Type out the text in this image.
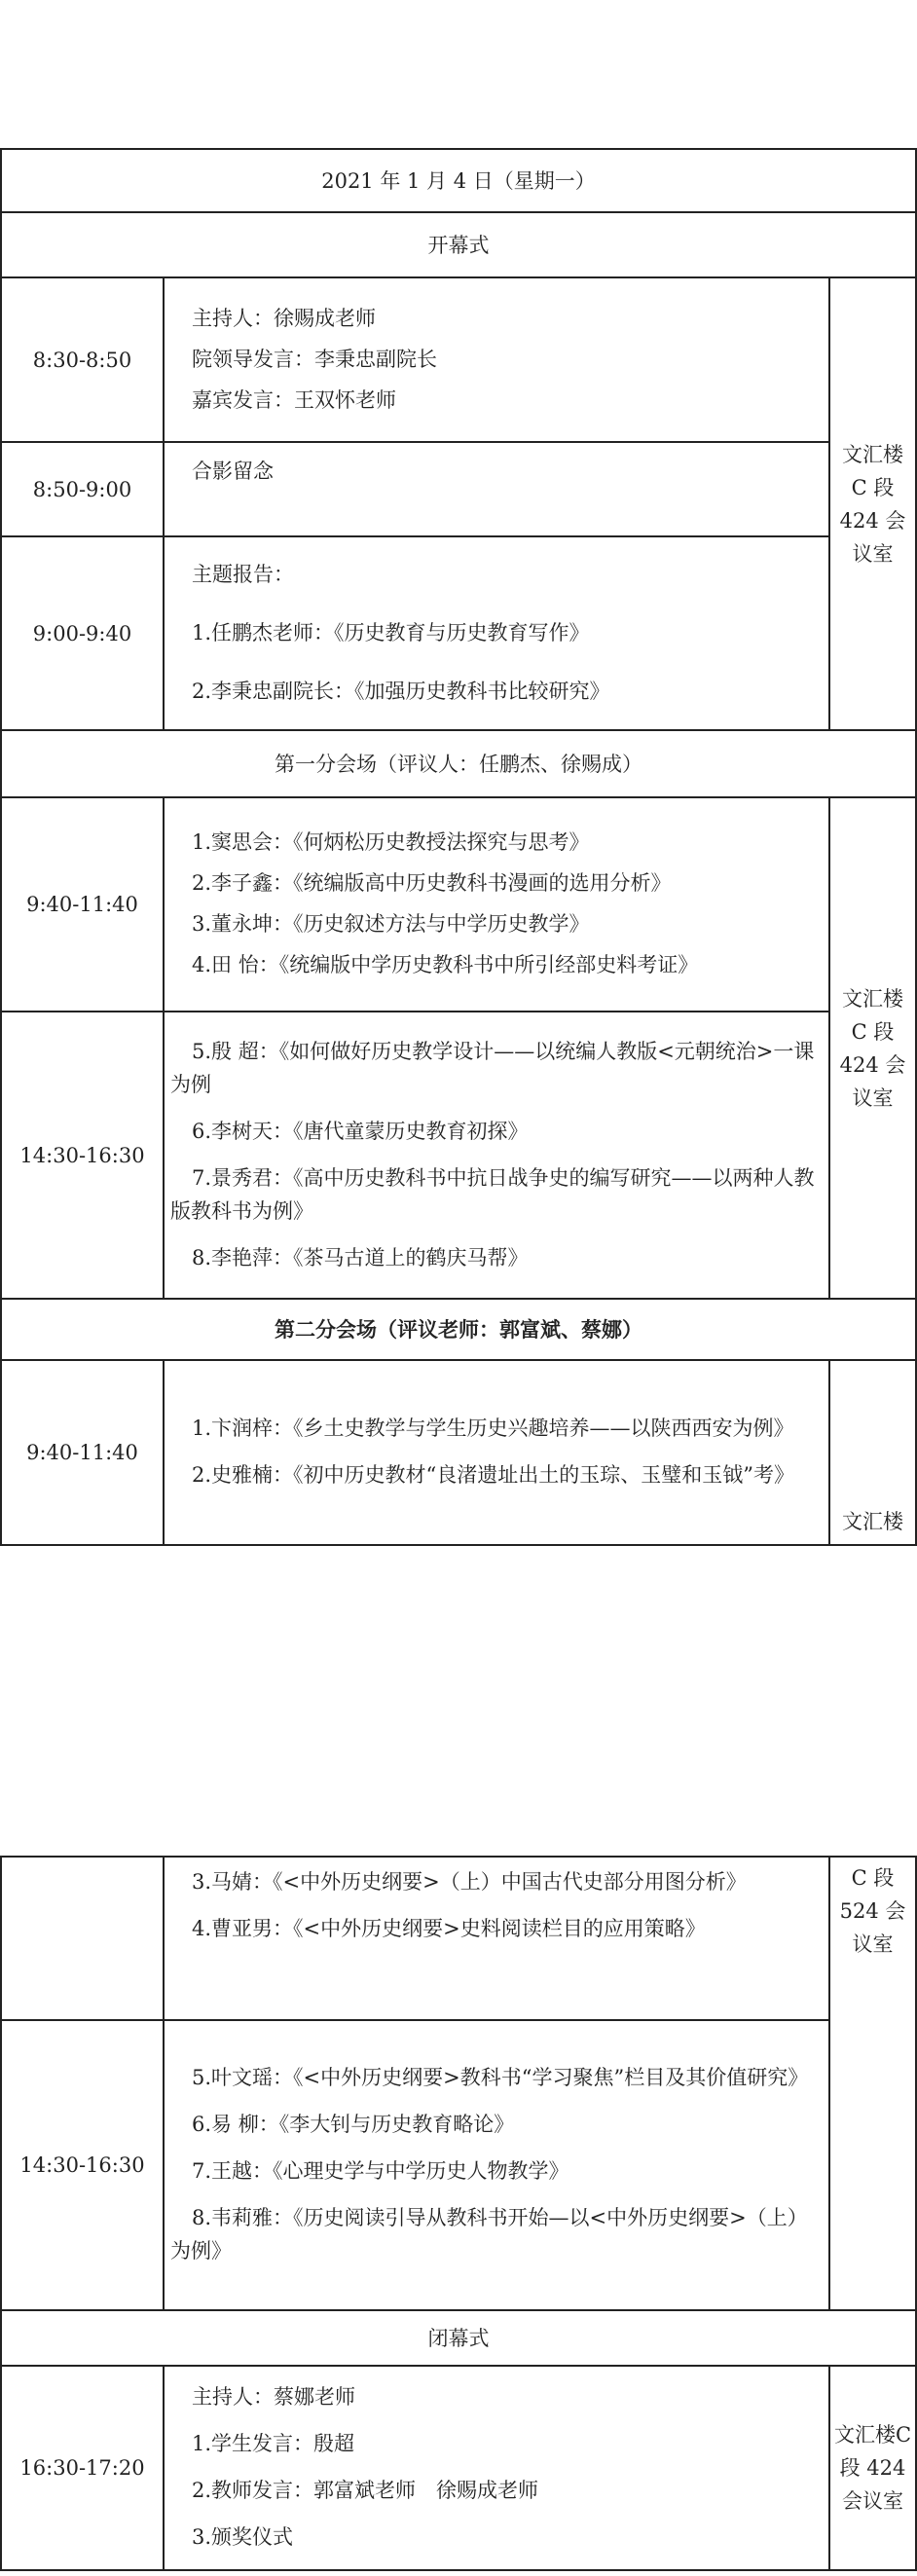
2021 年 1 月 4 日（星期一）		
开幕式		
8:30-8:50	主持人：徐赐成老师
院领导发言：李秉忠副院长
嘉宾发言：王双怀老师	文汇楼 C 段424 会议室
8:50-9:00	合影留念	

9:00-9:40	主题报告：
1.任鹏杰老师：《历史教育与历史教育写作》
2.李秉忠副院长：《加强历史教科书比较研究》	

第一分会场（评议人：任鹏杰、徐赐成）		
9:40-11:40	1.窦思会：《何炳松历史教授法探究与思考》
2.李子鑫：《统编版高中历史教科书漫画的选用分析》
3.董永坤：《历史叙述方法与中学历史教学》
4.田 怡：《统编版中学历史教科书中所引经部史料考证》	文汇楼 C 段424 会议室
14:30-16:30	5.殷 超：《如何做好历史教学设计——以统编人教版<元朝统治>一课为例
6.李树天：《唐代童蒙历史教育初探》
7.景秀君：《高中历史教科书中抗日战争史的编写研究——以两种人教版教科书为例》
8.李艳萍：《茶马古道上的鹤庆马帮》	

第二分会场（评议老师：郭富斌、蔡娜）		
9:40-11:40	1.卞润梓：《乡土史教学与学生历史兴趣培养——以陕西西安为例》
2.史雅楠：《初中历史教材“良渚遗址出土的玉琮、玉璧和玉钺”考》	文汇楼

	3.马婧：《<中外历史纲要>（上）中国古代史部分用图分析》
4.曹亚男：《<中外历史纲要>史料阅读栏目的应用策略》	C 段524 会议室
14:30-16:30	5.叶文瑶：《<中外历史纲要>教科书“学习聚焦”栏目及其价值研究》
6.易 柳：《李大钊与历史教育略论》
7.王越：《心理史学与中学历史人物教学》
8.韦莉雅：《历史阅读引导从教科书开始—以<中外历史纲要>（上）为例》	

闭幕式		
16:30-17:20	主持人：蔡娜老师
1.学生发言：殷超
2.教师发言：郭富斌老师　徐赐成老师
3.颁奖仪式	文汇楼C 段 424 会议室
